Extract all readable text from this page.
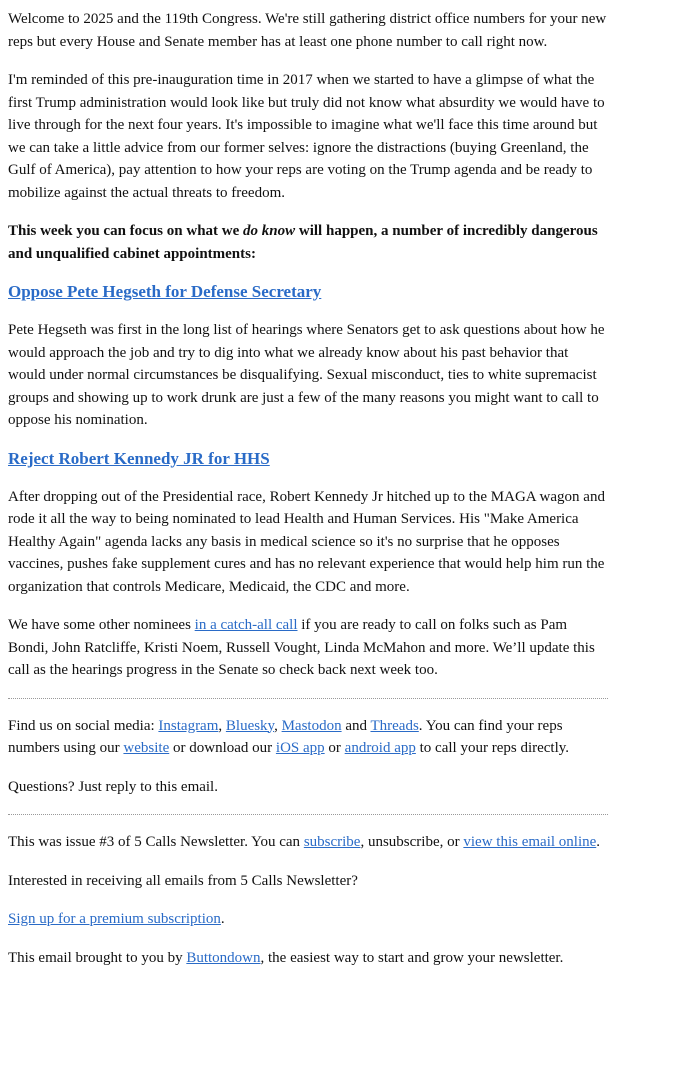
Welcome to 2025 and the 119th Congress. We're still gathering district office numbers for your new reps but every House and Senate member has at least one phone number to call right now.

I'm reminded of this pre-inauguration time in 2017 when we started to have a glimpse of what the first Trump administration would look like but truly did not know what absurdity we would have to live through for the next four years. It's impossible to imagine what we'll face this time around but we can take a little advice from our former selves: ignore the distractions (buying Greenland, the Gulf of America), pay attention to how your reps are voting on the Trump agenda and be ready to mobilize against the actual threats to freedom.

This week you can focus on what we do know will happen, a number of incredibly dangerous and unqualified cabinet appointments:

Oppose Pete Hegseth for Defense Secretary

Pete Hegseth was first in the long list of hearings where Senators get to ask questions about how he would approach the job and try to dig into what we already know about his past behavior that would under normal circumstances be disqualifying. Sexual misconduct, ties to white supremacist groups and showing up to work drunk are just a few of the many reasons you might want to call to oppose his nomination.

Reject Robert Kennedy JR for HHS

After dropping out of the Presidential race, Robert Kennedy Jr hitched up to the MAGA wagon and rode it all the way to being nominated to lead Health and Human Services. His "Make America Healthy Again" agenda lacks any basis in medical science so it's no surprise that he opposes vaccines, pushes fake supplement cures and has no relevant experience that would help him run the organization that controls Medicare, Medicaid, the CDC and more.

We have some other nominees in a catch-all call if you are ready to call on folks such as Pam Bondi, John Ratcliffe, Kristi Noem, Russell Vought, Linda McMahon and more. We’ll update this call as the hearings progress in the Senate so check back next week too.

Find us on social media: Instagram, Bluesky, Mastodon and Threads. You can find your reps numbers using our website or download our iOS app or android app to call your reps directly.

Questions? Just reply to this email.

This was issue #3 of 5 Calls Newsletter. You can subscribe, unsubscribe, or view this email online.

Interested in receiving all emails from 5 Calls Newsletter?

Sign up for a premium subscription.

This email brought to you by Buttondown, the easiest way to start and grow your newsletter.
